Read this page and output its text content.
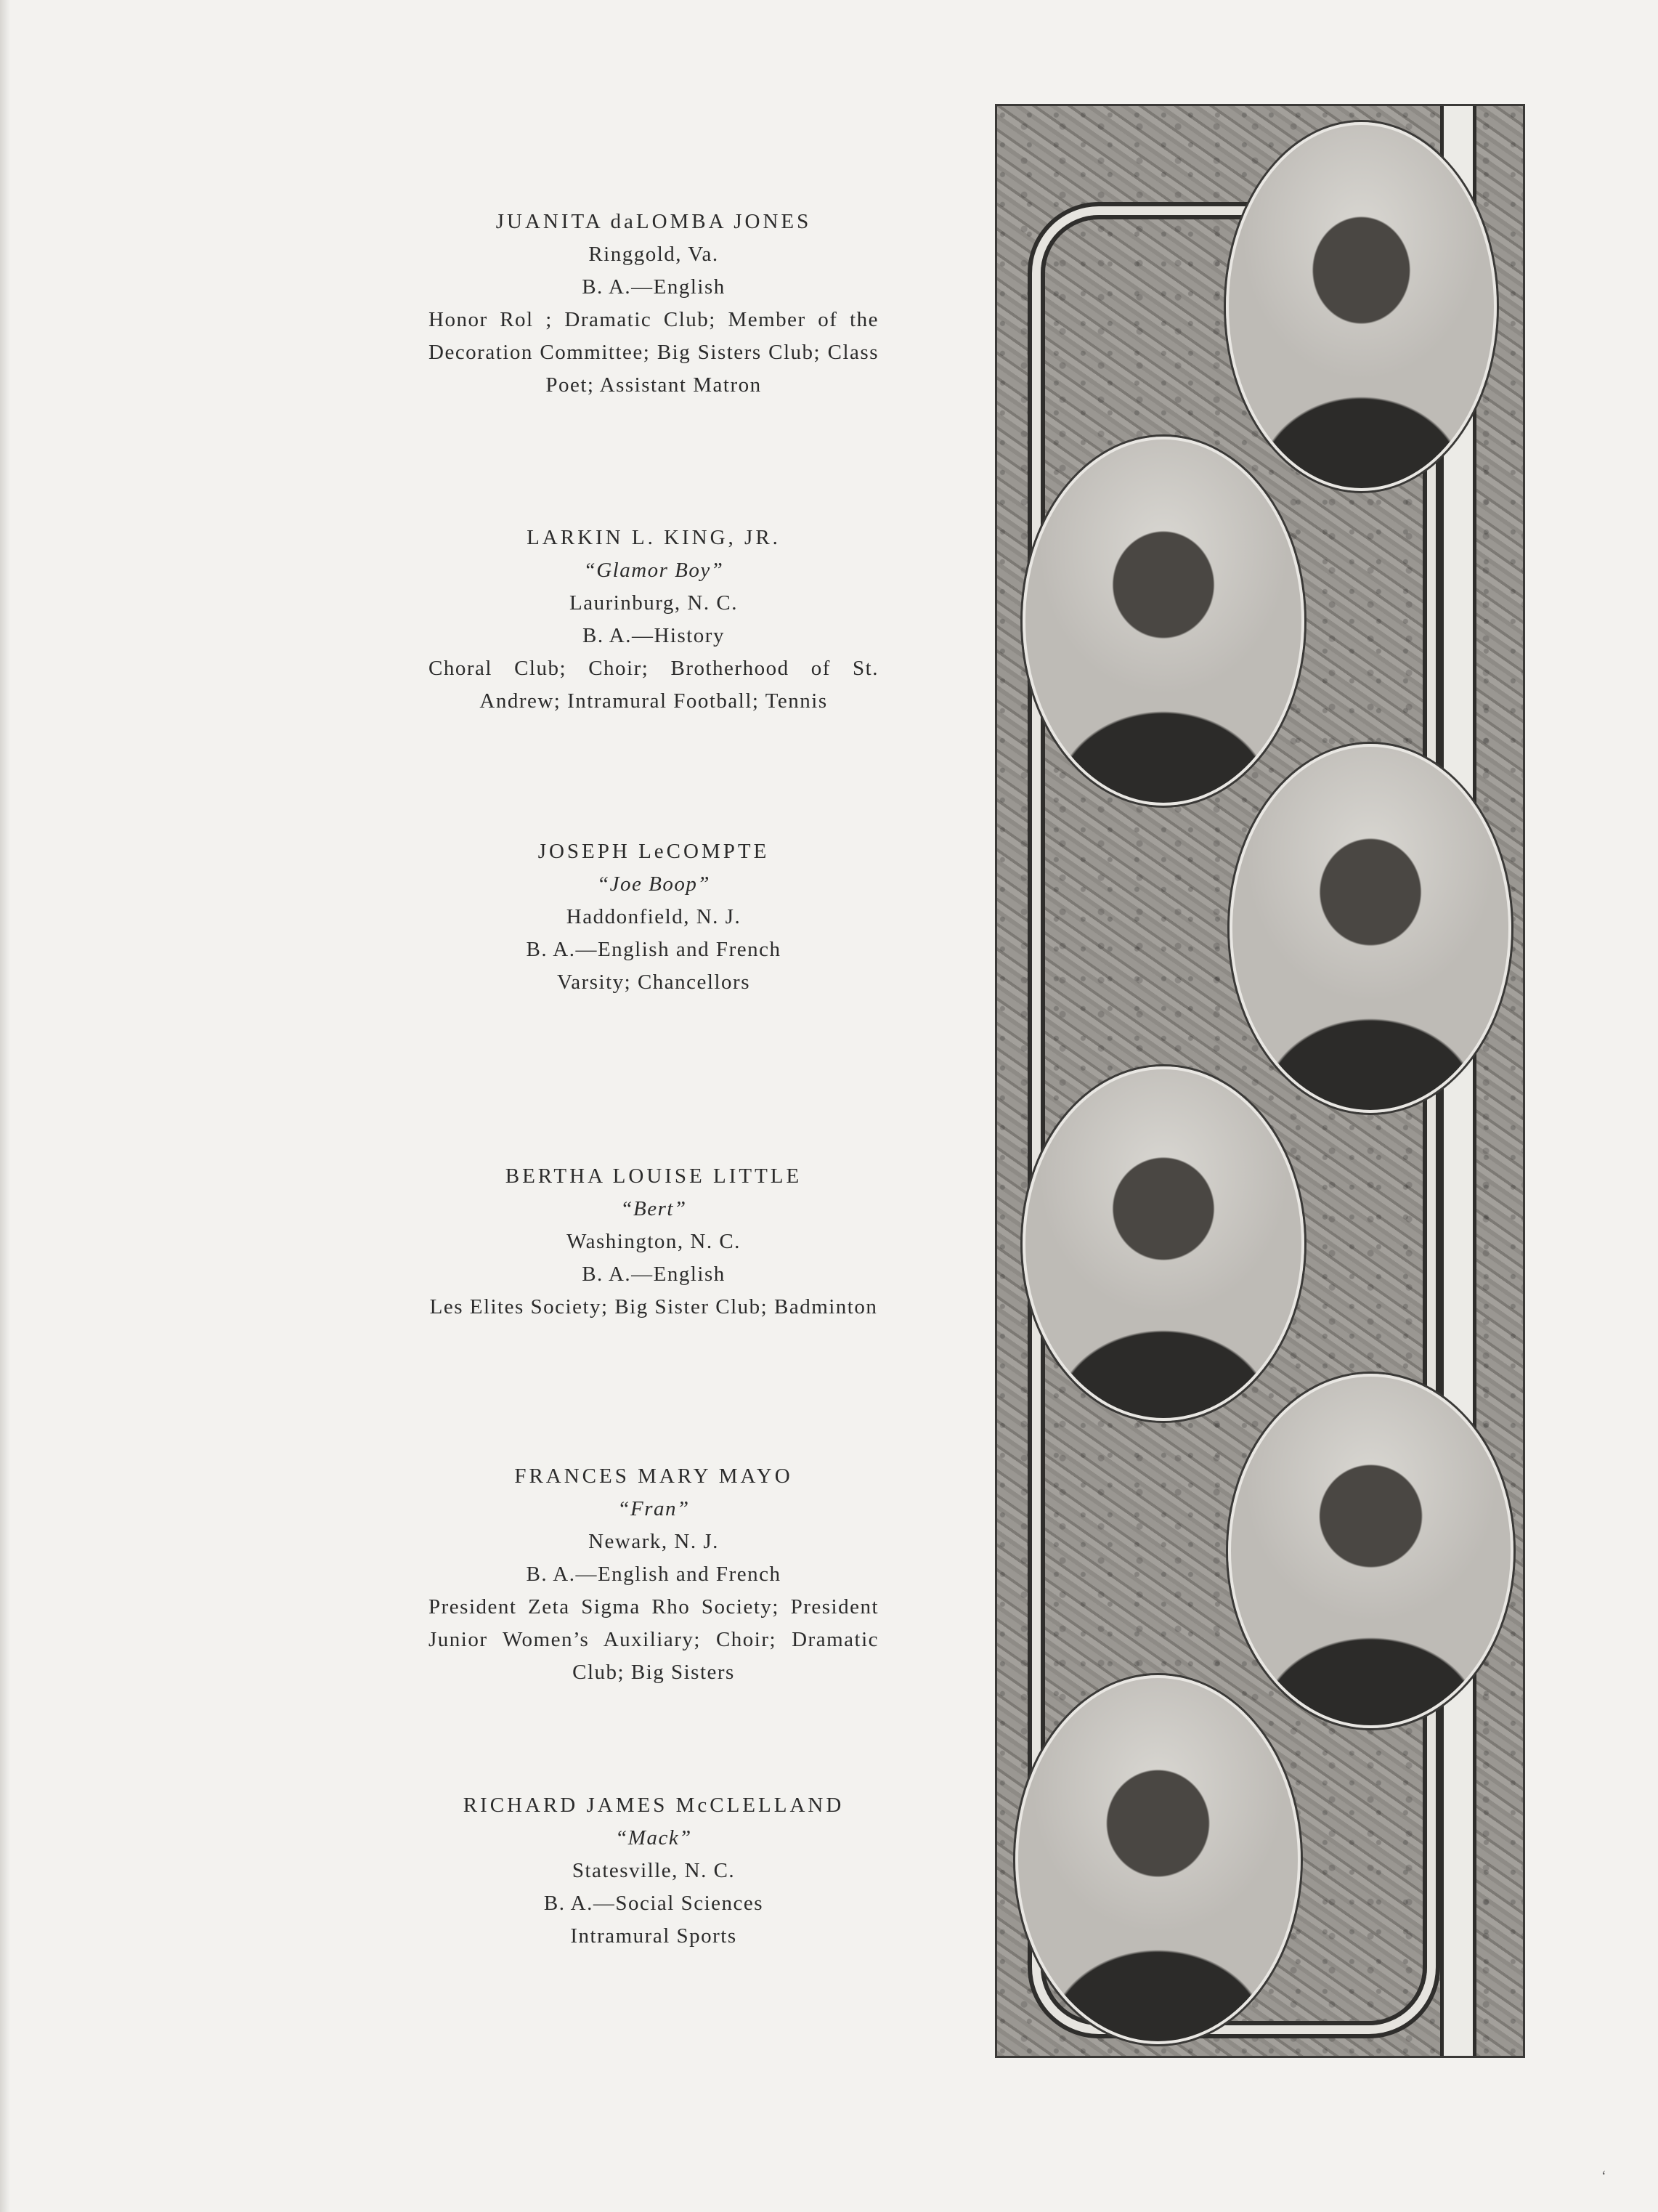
JUANITA daLOMBA JONES
Ringgold, Va.
B. A.—English
Honor Rol ; Dramatic Club; Member of the Decoration Committee; Big Sisters Club; Class Poet; Assistant Matron
LARKIN L. KING, JR.
“Glamor Boy”
Laurinburg, N. C.
B. A.—History
Choral Club; Choir; Brotherhood of St. Andrew; Intramural Football; Tennis
JOSEPH LeCOMPTE
“Joe Boop”
Haddonfield, N. J.
B. A.—English and French
Varsity; Chancellors
BERTHA LOUISE LITTLE
“Bert”
Washington, N. C.
B. A.—English
Les Elites Society; Big Sister Club; Badminton
FRANCES MARY MAYO
“Fran”
Newark, N. J.
B. A.—English and French
President Zeta Sigma Rho Society; President Junior Women’s Auxiliary; Choir; Dramatic Club; Big Sisters
RICHARD JAMES McCLELLAND
“Mack”
Statesville, N. C.
B. A.—Social Sciences
Intramural Sports
‘
